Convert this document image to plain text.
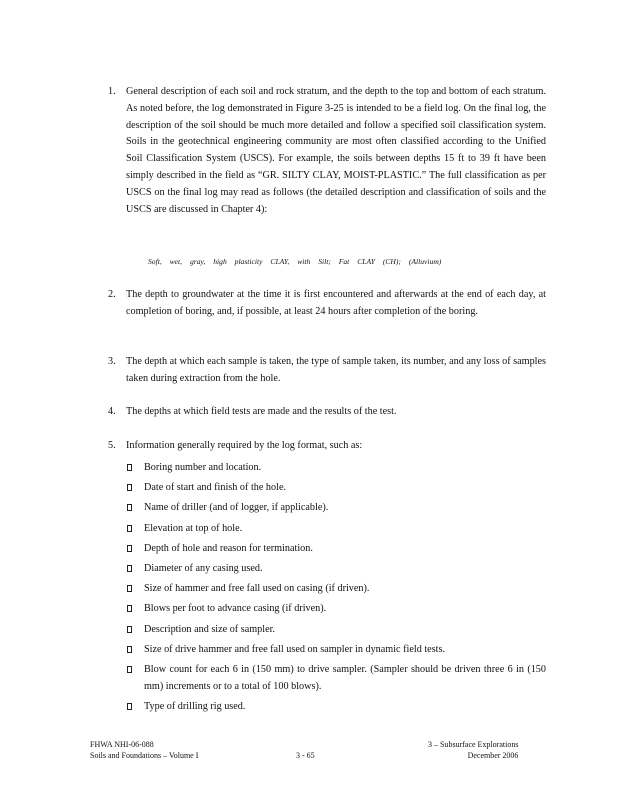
1.	General description of each soil and rock stratum, and the depth to the top and bottom of each stratum. As noted before, the log demonstrated in Figure 3-25 is intended to be a field log. On the final log, the description of the soil should be much more detailed and follow a specified soil classification system. Soils in the geotechnical engineering community are most often classified according to the Unified Soil Classification System (USCS). For example, the soils between depths 15 ft to 39 ft have been simply described in the field as “GR. SILTY CLAY, MOIST-PLASTIC.” The full classification as per USCS on the final log may read as follows (the detailed description and classification of soils and the USCS are discussed in Chapter 4):
Soft, wet, gray, high plasticity CLAY, with Silt; Fat CLAY (CH); (Alluvium)
2.	The depth to groundwater at the time it is first encountered and afterwards at the end of each day, at completion of boring, and, if possible, at least 24 hours after completion of the boring.
3.	The depth at which each sample is taken, the type of sample taken, its number, and any loss of samples taken during extraction from the hole.
4.	The depths at which field tests are made and the results of the test.
5.	Information generally required by the log format, such as:
Boring number and location.
Date of start and finish of the hole.
Name of driller (and of logger, if applicable).
Elevation at top of hole.
Depth of hole and reason for termination.
Diameter of any casing used.
Size of hammer and free fall used on casing (if driven).
Blows per foot to advance casing (if driven).
Description and size of sampler.
Size of drive hammer and free fall used on sampler in dynamic field tests.
Blow count for each 6 in (150 mm) to drive sampler. (Sampler should be driven three 6 in (150 mm) increments or to a total of 100 blows).
Type of drilling rig used.
FHWA NHI-06-088
Soils and Foundations – Volume I	3 - 65
3 – Subsurface Explorations
December 2006
